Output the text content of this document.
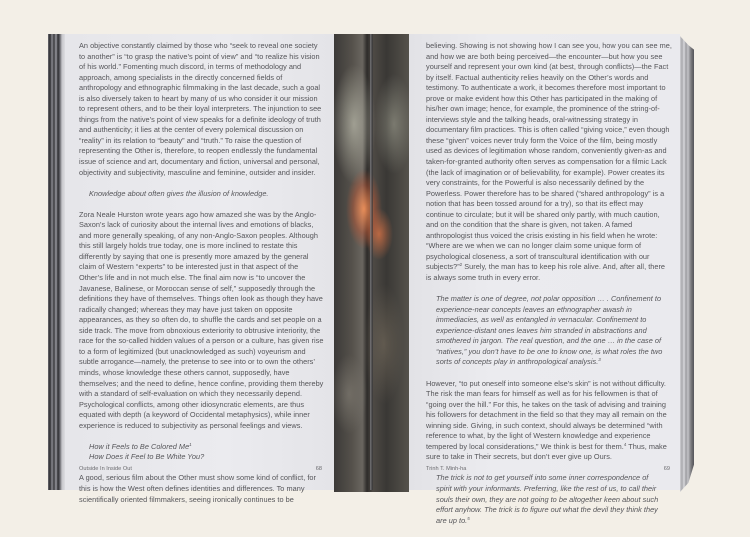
An objective constantly claimed by those who “seek to reveal one society to another” is “to grasp the native’s point of view” and “to realize his vision of his world.” Fomenting much discord, in terms of methodology and approach, among specialists in the directly concerned fields of anthropology and ethnographic filmmaking in the last decade, such a goal is also diversely taken to heart by many of us who consider it our mission to represent others, and to be their loyal interpreters. The injunction to see things from the native’s point of view speaks for a definite ideology of truth and authenticity; it lies at the center of every polemical discussion on “reality” in its relation to “beauty” and “truth.” To raise the question of representing the Other is, therefore, to reopen endlessly the fundamental issue of science and art, documentary and fiction, universal and personal, objectivity and subjectivity, masculine and feminine, outsider and insider.

Knowledge about often gives the illusion of knowledge.

Zora Neale Hurston wrote years ago how amazed she was by the Anglo-Saxon’s lack of curiosity about the internal lives and emotions of blacks, and more generally speaking, of any non-Anglo-Saxon peoples. Although this still largely holds true today, one is more inclined to restate this differently by saying that one is presently more amazed by the general claim of Western “experts” to be interested just in that aspect of the Other’s life and in not much else. The final aim now is “to uncover the Javanese, Balinese, or Moroccan sense of self,” supposedly through the definitions they have of themselves. Things often look as though they have radically changed; whereas they may have just taken on opposite appearances, as they so often do, to shuffle the cards and set people on a side track. The move from obnoxious exteriority to obtrusive interiority, the race for the so-called hidden values of a person or a culture, has given rise to a form of legitimized (but unacknowledged as such) voyeurism and subtle arrogance—namely, the pretense to see into or to own the others’ minds, whose knowledge these others cannot, supposedly, have themselves; and the need to define, hence confine, providing them thereby with a standard of self-evaluation on which they necessarily depend. Psychological conflicts, among other idiosyncratic elements, are thus equated with depth (a keyword of Occidental metaphysics), while inner experience is reduced to subjectivity as personal feelings and views.

How it Feels to Be Colored Me$^1$

How Does it Feel to Be White You?

A good, serious film about the Other must show some kind of conflict, for this is how the West often defines identities and differences. To many scientifically oriented filmmakers, seeing ironically continues to be

Outside In Inside Out	68

believing. Showing is not showing how I can see you, how you can see me, and how we are both being perceived—the encounter—but how you see yourself and represent your own kind (at best, through conflicts)—the Fact by itself. Factual authenticity relies heavily on the Other’s words and testimony. To authenticate a work, it becomes therefore most important to prove or make evident how this Other has participated in the making of his/her own image; hence, for example, the prominence of the string-of-interviews style and the talking heads, oral-witnessing strategy in documentary film practices. This is often called “giving voice,” even though these “given” voices never truly form the Voice of the film, being mostly used as devices of legitimation whose random, conveniently given-as and taken-for-granted authority often serves as compensation for a filmic Lack (the lack of imagination or of believability, for example). Power creates its very constraints, for the Powerful is also necessarily defined by the Powerless. Power therefore has to be shared (“shared anthropology” is a notion that has been tossed around for a try), so that its effect may continue to circulate; but it will be shared only partly, with much caution, and on the condition that the share is given, not taken. A famed anthropologist thus voiced the crisis existing in his field when he wrote: “Where are we when we can no longer claim some unique form of psychological closeness, a sort of transcultural identification with our subjects?”$^2$ Surely, the man has to keep his role alive. And, after all, there is always some truth in every error.

The matter is one of degree, not polar opposition … . Confinement to experience-near concepts leaves an ethnographer awash in immediacies, as well as entangled in vernacular. Confinement to experience-distant ones leaves him stranded in abstractions and smothered in jargon. The real question, and the one … in the case of “natives,” you don’t have to be one to know one, is what roles the two sorts of concepts play in anthropological analysis.$^3$

However, “to put oneself into someone else’s skin” is not without difficulty. The risk the man fears for himself as well as for his fellowmen is that of “going over the hill.” For this, he takes on the task of advising and training his followers for detachment in the field so that they may all remain on the winning side. Giving, in such context, should always be determined “with reference to what, by the light of Western knowledge and experience tempered by local considerations,” We think is best for them.$^4$ Thus, make sure to take in Their secrets, but don’t ever give up Ours.

The trick is not to get yourself into some inner correspondence of spirit with your informants. Preferring, like the rest of us, to call their souls their own, they are not going to be altogether keen about such effort anyhow. The trick is to figure out what the devil they think they are up to.$^5$

Trinh T. Minh-ha	69
